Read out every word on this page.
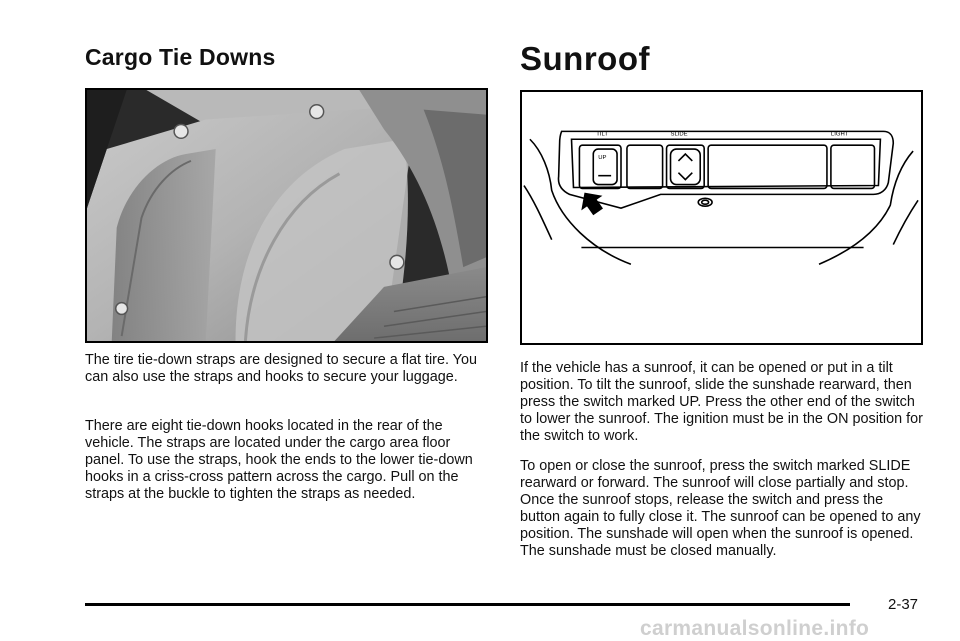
Cargo Tie Downs

The tire tie-down straps are designed to secure a flat tire. You can also use the straps and hooks to secure your luggage.

There are eight tie-down hooks located in the rear of the vehicle. The straps are located under the cargo area floor panel. To use the straps, hook the ends to the lower tie-down hooks in a criss-cross pattern across the cargo. Pull on the straps at the buckle to tighten the straps as needed.

Sunroof
TILT	SLIDE	LIGHT
UP

If the vehicle has a sunroof, it can be opened or put in a tilt position. To tilt the sunroof, slide the sunshade rearward, then press the switch marked UP. Press the other end of the switch to lower the sunroof. The ignition must be in the ON position for the switch to work.

To open or close the sunroof, press the switch marked SLIDE rearward or forward. The sunroof will close partially and stop. Once the sunroof stops, release the switch and press the button again to fully close it. The sunroof can be opened to any position. The sunshade will open when the sunroof is opened. The sunshade must be closed manually.

2-37
carmanualsonline.info
